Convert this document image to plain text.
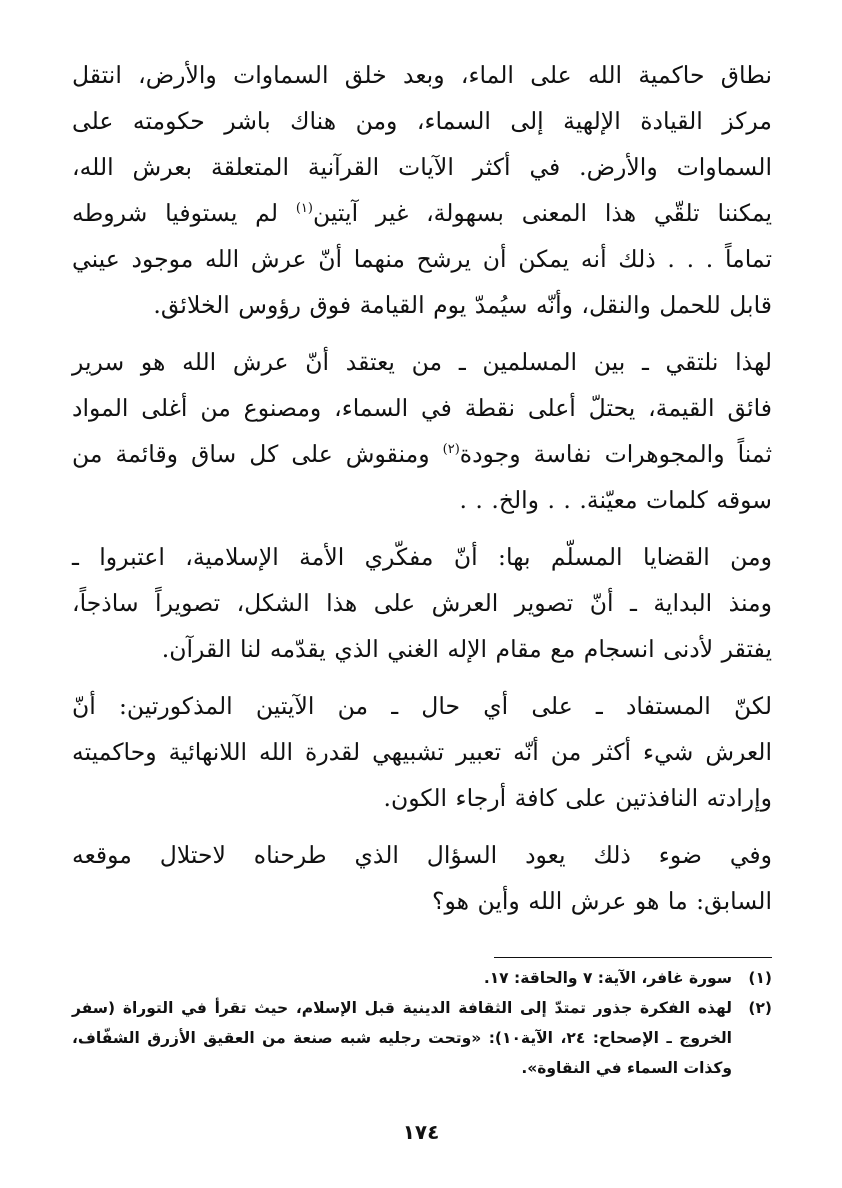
نطاق حاكمية الله على الماء، وبعد خلق السماوات والأرض، انتقل
مركز القيادة الإلهية إلى السماء، ومن هناك باشر حكومته على
السماوات والأرض. في أكثر الآيات القرآنية المتعلقة بعرش الله،
يمكننا تلقّي هذا المعنى بسهولة، غير آيتين$^{(١)}$ لم يستوفيا شروطه
تماماً . . . ذلك أنه يمكن أن يرشح منهما أنّ عرش الله موجود عيني
قابل للحمل والنقل، وأنّه سيُمدّ يوم القيامة فوق رؤوس الخلائق.

لهذا نلتقي ـ بين المسلمين ـ من يعتقد أنّ عرش الله هو سرير
فائق القيمة، يحتلّ أعلى نقطة في السماء، ومصنوع من أغلى المواد
ثمناً والمجوهرات نفاسة وجودة$^{(٢)}$ ومنقوش على كل ساق وقائمة من
سوقه كلمات معيّنة. . . والخ. . .

ومن القضايا المسلّم بها: أنّ مفكّري الأمة الإسلامية، اعتبروا ـ
ومنذ البداية ـ أنّ تصوير العرش على هذا الشكل، تصويراً ساذجاً،
يفتقر لأدنى انسجام مع مقام الإله الغني الذي يقدّمه لنا القرآن.

لكنّ المستفاد ـ على أي حال ـ من الآيتين المذكورتين: أنّ
العرش شيء أكثر من أنّه تعبير تشبيهي لقدرة الله اللانهائية وحاكميته
وإرادته النافذتين على كافة أرجاء الكون.

وفي ضوء ذلك يعود السؤال الذي طرحناه لاحتلال موقعه
السابق: ما هو عرش الله وأين هو؟

(١)
سورة غافر، الآية: ٧ والحاقة: ١٧.
(٢)
لهذه الفكرة جذور تمتدّ إلى الثقافة الدينية قبل الإسلام، حيث تقرأ في التوراة (سفر الخروج ـ الإصحاح: ٢٤، الآية١٠): «وتحت رجليه شبه صنعة من العقيق الأزرق الشفّاف، وكذات السماء في النقاوة».
١٧٤
